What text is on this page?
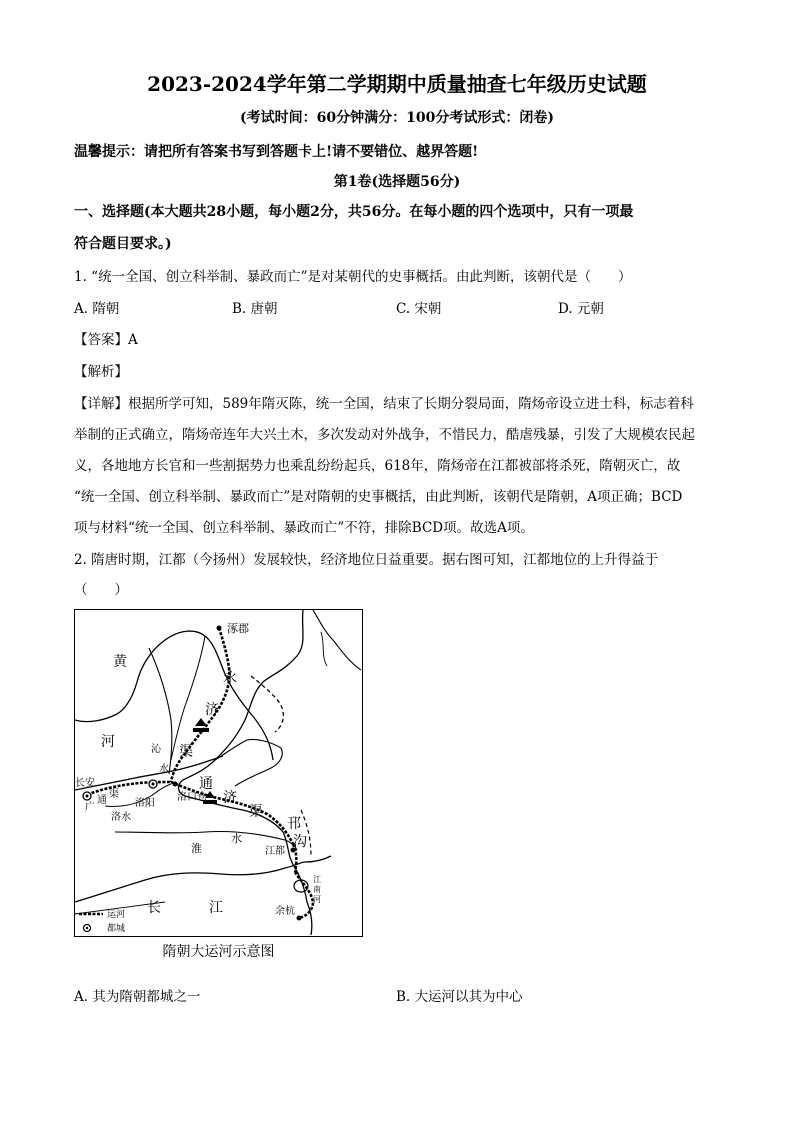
2023-2024学年第二学期期中质量抽查七年级历史试题
(考试时间：60分钟满分：100分考试形式：闭卷)
温馨提示：请把所有答案书写到答题卡上!请不要错位、越界答题!
第1卷(选择题56分)
一、选择题(本大题共28小题，每小题2分，共56分。在每小题的四个选项中，只有一项最
符合题目要求。)
1. “统一全国、创立科举制、暴政而亡”是对某朝代的史事概括。由此判断，该朝代是（　　）
A. 隋朝	B. 唐朝	C. 宋朝	D. 元朝
【答案】A
【解析】
【详解】根据所学可知，589年隋灭陈，统一全国，结束了长期分裂局面，隋炀帝设立进士科，标志着科
举制的正式确立，隋炀帝连年大兴土木，多次发动对外战争，不惜民力，酷虐残暴，引发了大规模农民起
义，各地地方长官和一些割据势力也乘乱纷纷起兵，618年，隋炀帝在江都被部将杀死，隋朝灭亡，故
“统一全国、创立科举制、暴政而亡”是对隋朝的史事概括，由此判断，该朝代是隋朝，A项正确；BCD
项与材料“统一全国、创立科举制、暴政而亡”不符，排除BCD项。故选A项。
2. 隋唐时期，江都（今扬州）发展较快，经济地位日益重要。据右图可知，江都地位的上升得益于
（　　）
涿郡
长安
洛阳
洛口仓
江都
余杭
黄
河
永
济
渠
沁
水
通
济
渠
广
通
渠
洛水
淮
水
邗
沟
江
南
河
长	江
运河
都城
隋朝大运河示意图
A. 其为隋朝都城之一	B. 大运河以其为中心
